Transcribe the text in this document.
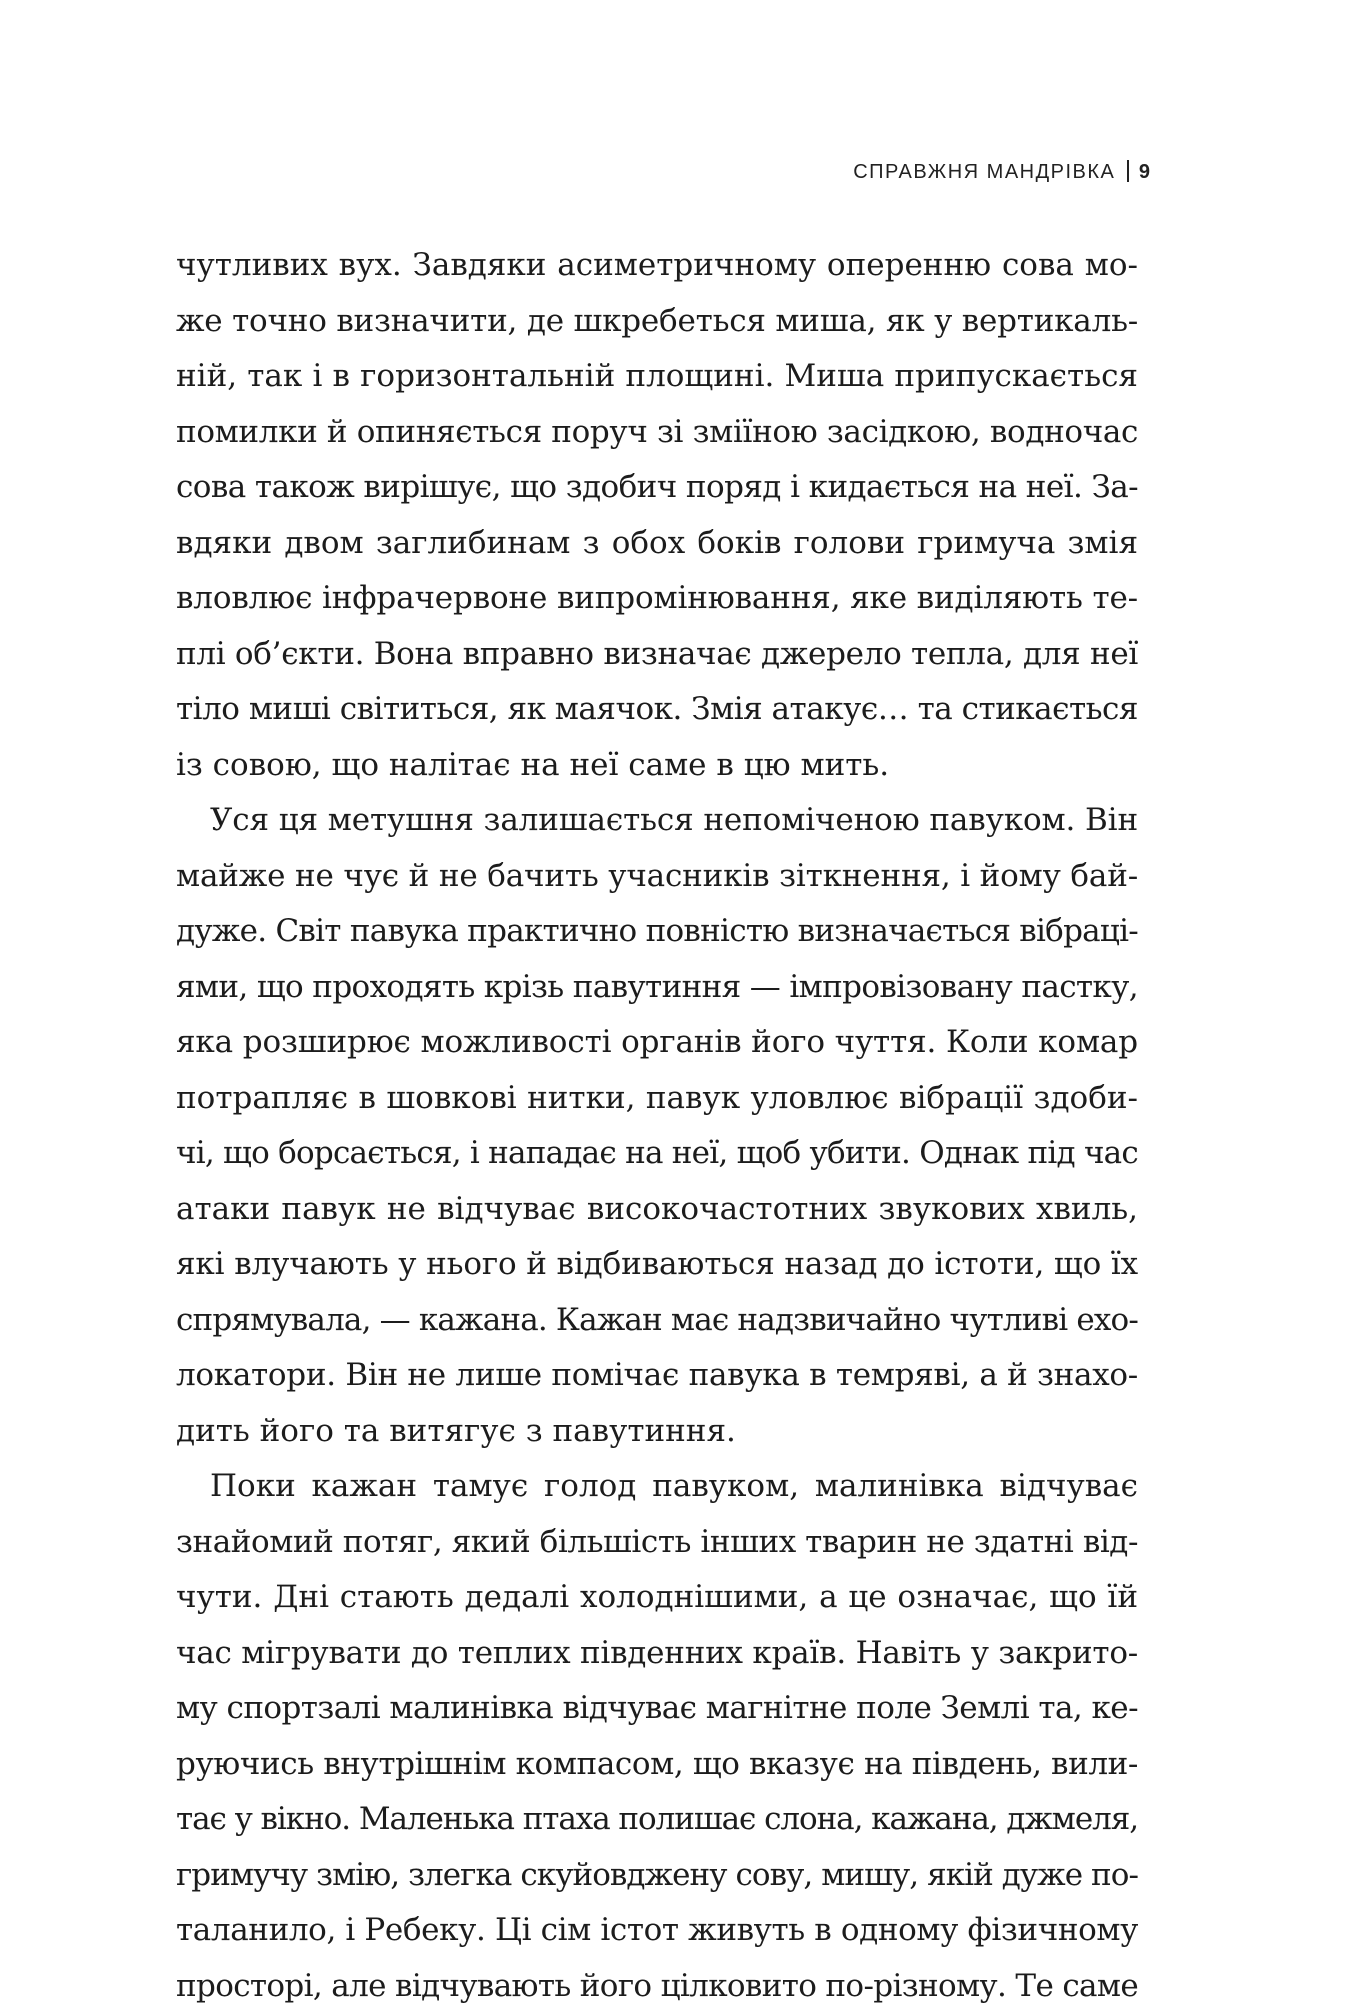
СПРАВЖНЯ МАНДРІВКА 9

чутливих вух. Завдяки асиметричному оперенню сова мо-
же точно визначити, де шкребеться миша, як у вертикаль-
ній, так і в горизонтальній площині. Миша припускається
помилки й опиняється поруч зі зміїною засідкою, водночас
сова також вирішує, що здобич поряд і кидається на неї. За-
вдяки двом заглибинам з обох боків голови гримуча змія
вловлює інфрачервоне випромінювання, яке виділяють те-
плі об’єкти. Вона вправно визначає джерело тепла, для неї
тіло миші світиться, як маячок. Змія атакує… та стикається
із совою, що налітає на неї саме в цю мить.

Уся ця метушня залишається непоміченою павуком. Він
майже не чує й не бачить учасників зіткнення, і йому бай-
дуже. Світ павука практично повністю визначається вібраці-
ями, що проходять крізь павутиння — імпровізовану пастку,
яка розширює можливості органів його чуття. Коли комар
потрапляє в шовкові нитки, павук уловлює вібрації здоби-
чі, що борсається, і нападає на неї, щоб убити. Однак під час
атаки павук не відчуває високочастотних звукових хвиль,
які влучають у нього й відбиваються назад до істоти, що їх
спрямувала, — кажана. Кажан має надзвичайно чутливі ехо-
локатори. Він не лише помічає павука в темряві, а й знахо-
дить його та витягує з павутиння.

Поки кажан тамує голод павуком, малинівка відчуває
знайомий потяг, який більшість інших тварин не здатні від-
чути. Дні стають дедалі холоднішими, а це означає, що їй
час мігрувати до теплих південних країв. Навіть у закрито-
му спортзалі малинівка відчуває магнітне поле Землі та, ке-
руючись внутрішнім компасом, що вказує на південь, вили-
тає у вікно. Маленька птаха полишає слона, кажана, джмеля,
гримучу змію, злегка скуйовджену сову, мишу, якій дуже по-
таланило, і Ребеку. Ці сім істот живуть в одному фізичному
просторі, але відчувають його цілковито по-різному. Те саме
